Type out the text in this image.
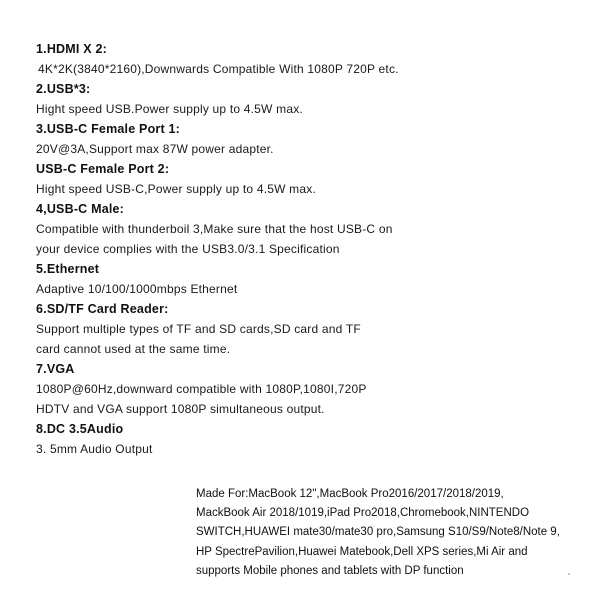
1.HDMI X 2:
4K*2K(3840*2160),Downwards Compatible With 1080P 720P etc.
2.USB*3:
Hight speed USB.Power supply up to 4.5W max.
3.USB-C Female Port 1:
20V@3A,Support max 87W power adapter.
USB-C Female Port 2:
Hight speed USB-C,Power supply up to 4.5W max.
4,USB-C Male:
Compatible with thunderboil 3,Make sure that the host USB-C on
your device complies with the USB3.0/3.1 Specification
5.Ethernet
Adaptive 10/100/1000mbps Ethernet
6.SD/TF Card Reader:
Support multiple types of TF and SD cards,SD card and TF
card cannot used at the same time.
7.VGA
1080P@60Hz,downward compatible with 1080P,1080I,720P
HDTV and VGA support 1080P simultaneous output.
8.DC 3.5Audio
3. 5mm Audio Output
Made For:MacBook 12",MacBook Pro2016/2017/2018/2019,
MackBook Air 2018/1019,iPad Pro2018,Chromebook,NINTENDO
SWITCH,HUAWEI mate30/mate30 pro,Samsung S10/S9/Note8/Note 9,
HP SpectrePavilion,Huawei Matebook,Dell XPS series,Mi Air and
supports Mobile phones and tablets with DP function
